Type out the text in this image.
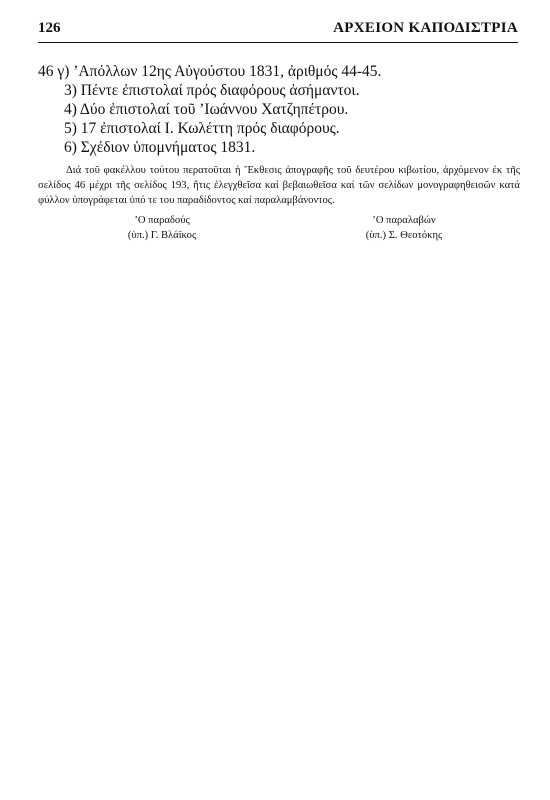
126	ΑΡΧΕΙΟΝ ΚΑΠΟΔΙΣΤΡΙΑ
46 γ) ’Απόλλων 12ης Αὐγούστου 1831, ἀριθμός 44-45.
3) Πέντε ἐπιστολαί πρός διαφόρους ἀσήμαντοι.
4) Δύο ἐπιστολαί τοῦ ’Ιωάννου Χατζηπέτρου.
5) 17 ἐπιστολαί Ι. Κωλέττη πρός διαφόρους.
6) Σχέδιον ὑπομνήματος 1831.

Διά τοῦ φακέλλου τούτου περατοῦται ἡ Ἔκθεσις ἀπογραφῆς τοῦ δευτέρου κιβωτίου, ἀρχόμενον ἐκ τῆς σελίδος 46 μέχρι τῆς σελίδος 193, ἥτις ἐλεγχθεῖσα καί βεβαιωθεῖσα καί τῶν σελίδων μονογραφηθεισῶν κατά φύλλον ὑπογράφεται ὑπό τε του παραδίδοντος καί παραλαμβάνοντος.

’Ο παραδούς
(ὑπ.) Γ. Βλάϊκος
’Ο παραλαβών
(ὑπ.) Σ. Θεοτόκης
